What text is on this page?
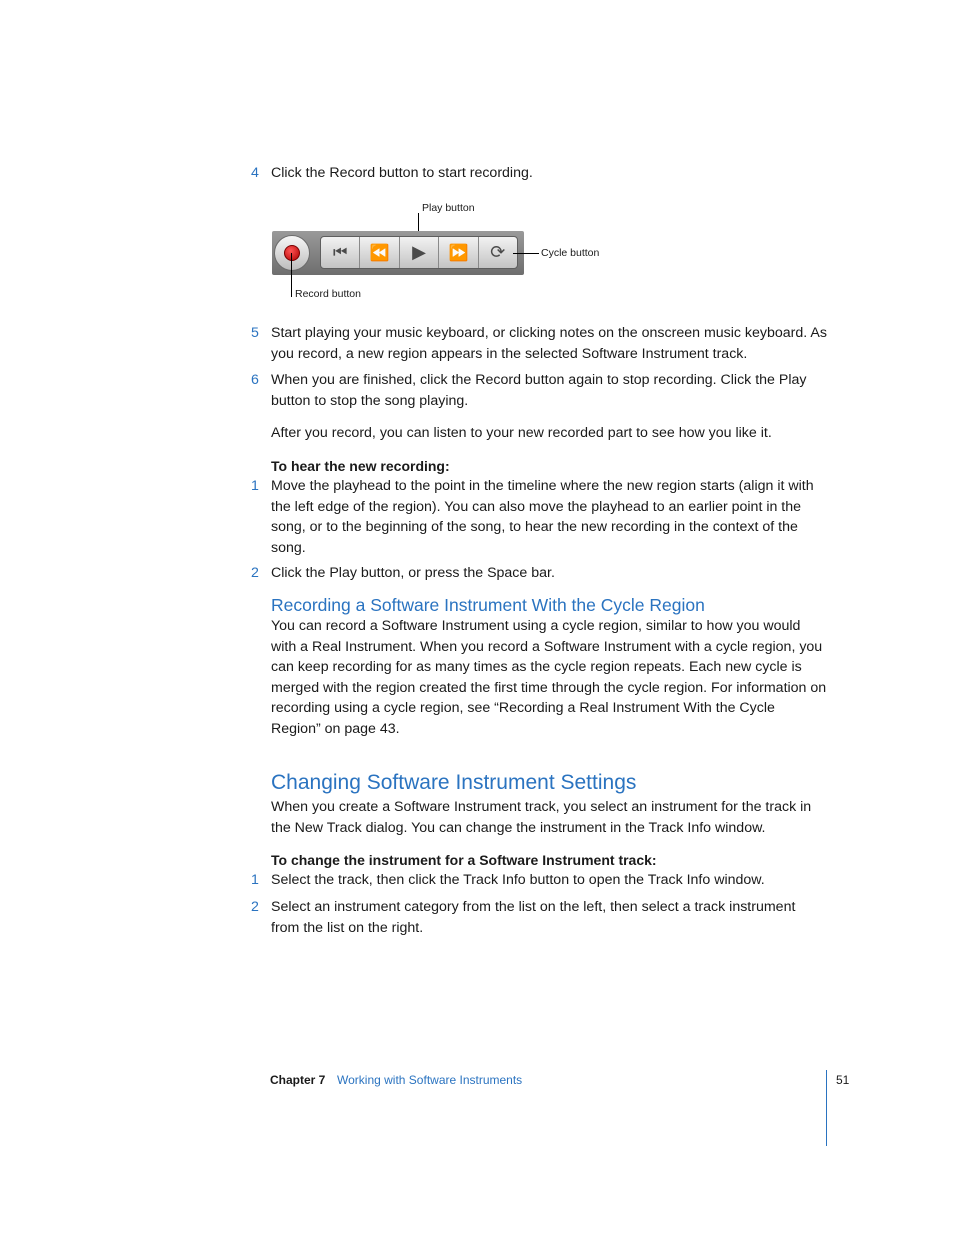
4 Click the Record button to start recording.
Play button
⏮ ⏪ ▶ ⏩ ⟳	Cycle button
Record button
5 Start playing your music keyboard, or clicking notes on the onscreen music keyboard. As you record, a new region appears in the selected Software Instrument track.
6 When you are finished, click the Record button again to stop recording. Click the Play button to stop the song playing.
After you record, you can listen to your new recorded part to see how you like it.
To hear the new recording:
1 Move the playhead to the point in the timeline where the new region starts (align it with the left edge of the region). You can also move the playhead to an earlier point in the song, or to the beginning of the song, to hear the new recording in the context of the song.
2 Click the Play button, or press the Space bar.
Recording a Software Instrument With the Cycle Region
You can record a Software Instrument using a cycle region, similar to how you would with a Real Instrument. When you record a Software Instrument with a cycle region, you can keep recording for as many times as the cycle region repeats. Each new cycle is merged with the region created the first time through the cycle region. For information on recording using a cycle region, see “Recording a Real Instrument With the Cycle Region” on page 43.
Changing Software Instrument Settings
When you create a Software Instrument track, you select an instrument for the track in the New Track dialog. You can change the instrument in the Track Info window.
To change the instrument for a Software Instrument track:
1 Select the track, then click the Track Info button to open the Track Info window.
2 Select an instrument category from the list on the left, then select a track instrument from the list on the right.
Chapter 7 Working with Software Instruments	51
